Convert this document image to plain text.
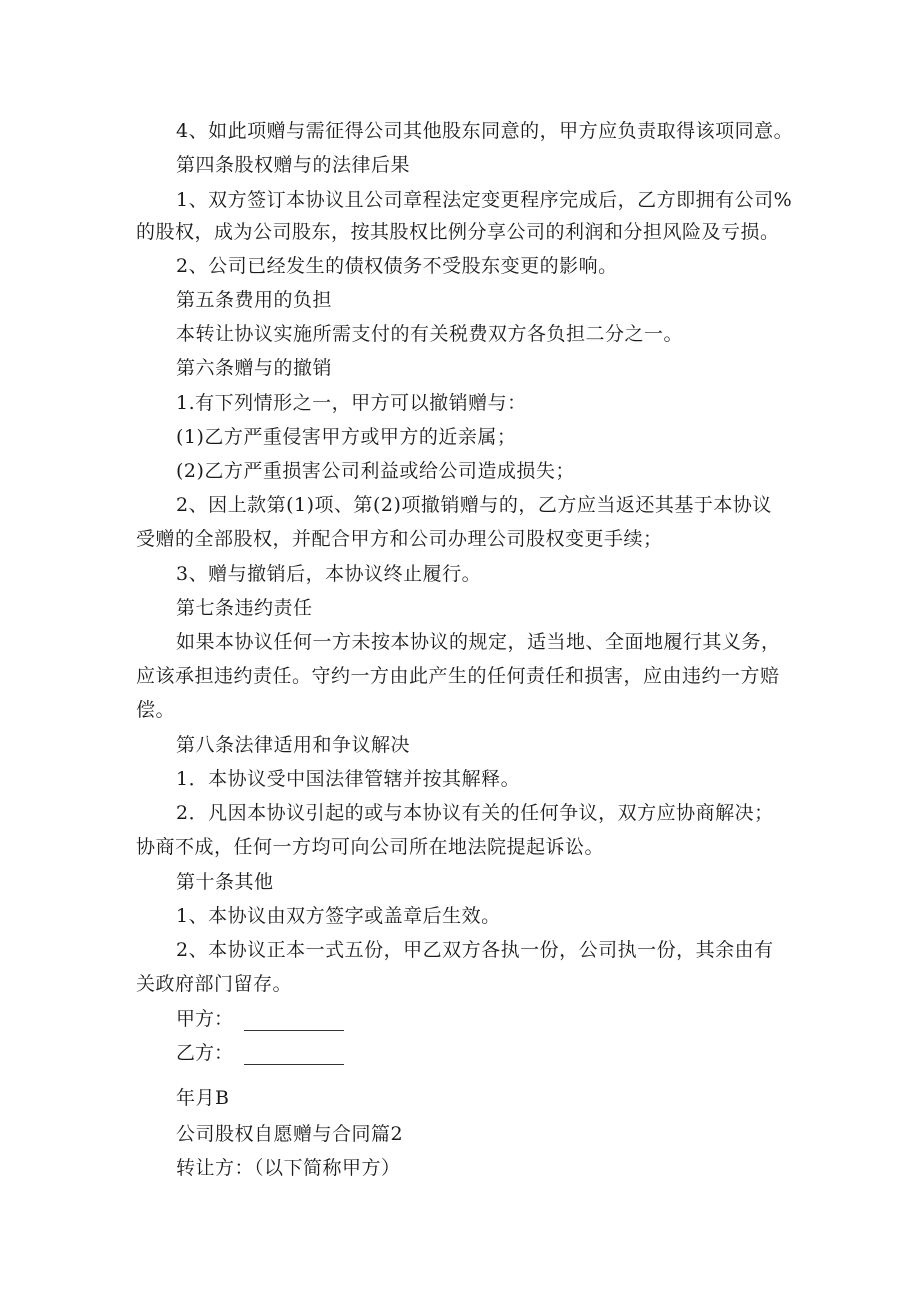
4、如此项赠与需征得公司其他股东同意的，甲方应负责取得该项同意。
第四条股权赠与的法律后果
1、双方签订本协议且公司章程法定变更程序完成后，乙方即拥有公司%
的股权，成为公司股东，按其股权比例分享公司的利润和分担风险及亏损。
2、公司已经发生的债权债务不受股东变更的影响。
第五条费用的负担
本转让协议实施所需支付的有关税费双方各负担二分之一。
第六条赠与的撤销
1.有下列情形之一，甲方可以撤销赠与：
(1)乙方严重侵害甲方或甲方的近亲属；
(2)乙方严重损害公司利益或给公司造成损失；
2、因上款第(1)项、第(2)项撤销赠与的，乙方应当返还其基于本协议
受赠的全部股权，并配合甲方和公司办理公司股权变更手续；
3、赠与撤销后，本协议终止履行。
第七条违约责任
如果本协议任何一方未按本协议的规定，适当地、全面地履行其义务，
应该承担违约责任。守约一方由此产生的任何责任和损害，应由违约一方赔
偿。
第八条法律适用和争议解决
1．本协议受中国法律管辖并按其解释。
2．凡因本协议引起的或与本协议有关的任何争议，双方应协商解决；
协商不成，任何一方均可向公司所在地法院提起诉讼。
第十条其他
1、本协议由双方签字或盖章后生效。
2、本协议正本一式五份，甲乙双方各执一份，公司执一份，其余由有
关政府部门留存。
甲方：
乙方：
年月B
公司股权自愿赠与合同篇2
转让方：（以下简称甲方）
